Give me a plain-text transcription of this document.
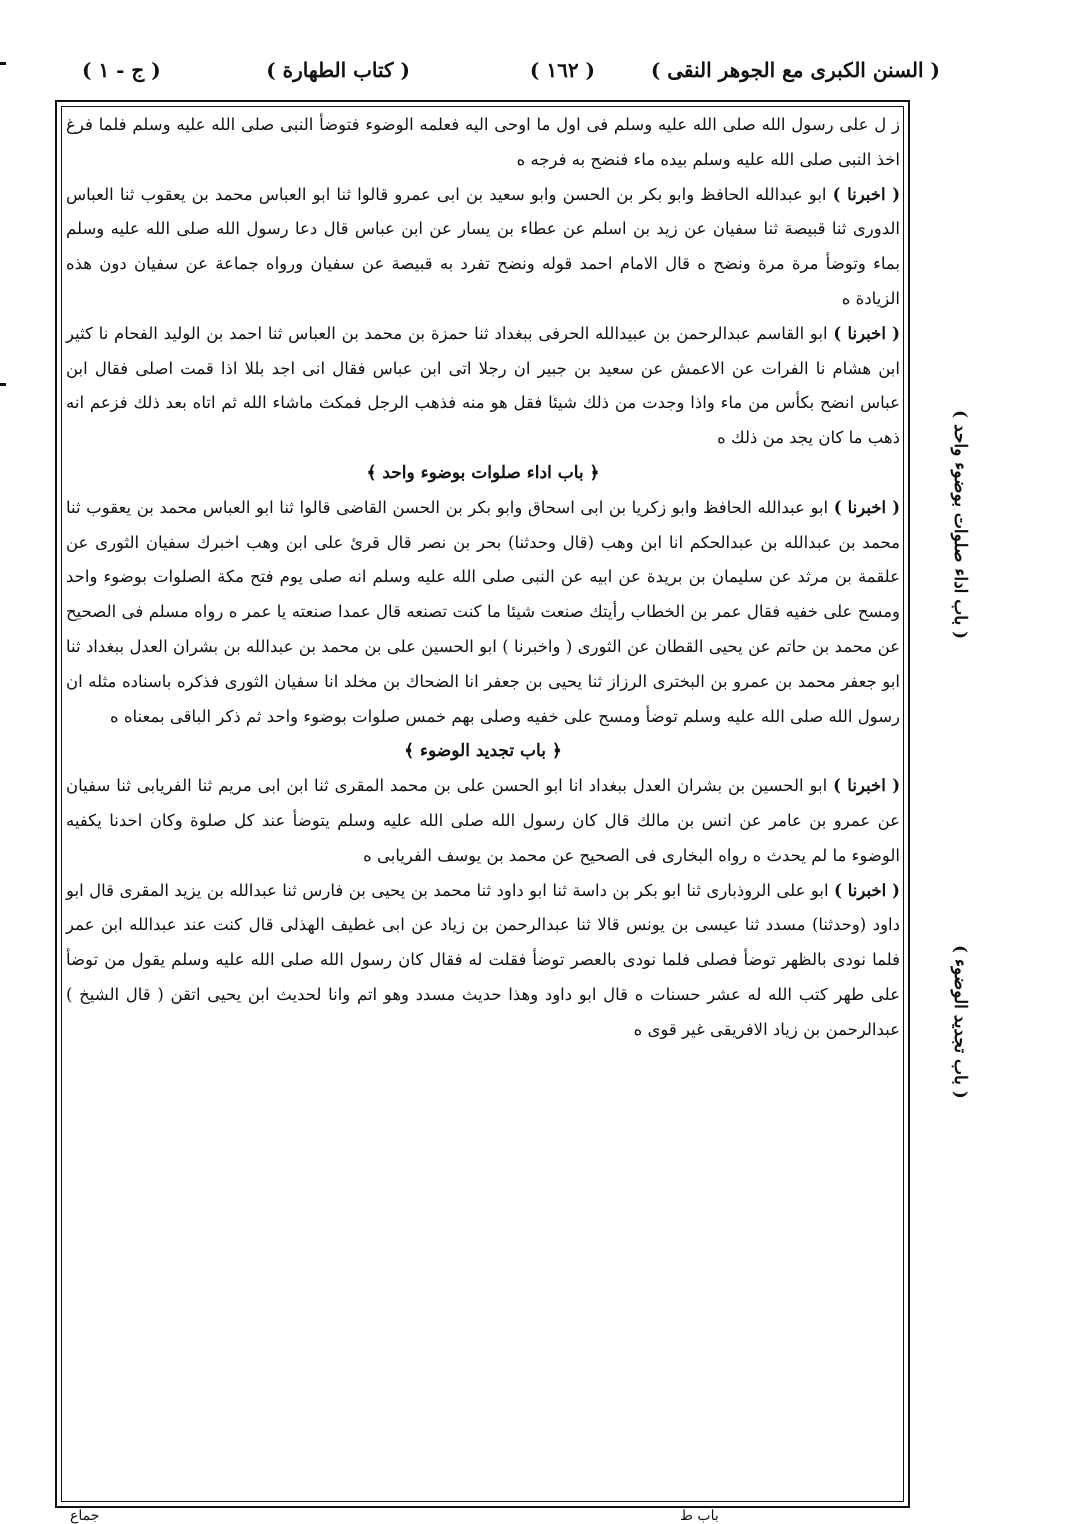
( السنن الكبرى مع الجوهر النقى )
( ١٦٢ )
( كتاب الطهارة )
( ج - ١ )

ز ل على رسول الله صلى الله عليه وسلم فى اول ما اوحى اليه فعلمه الوضوء فتوضأ النبى صلى الله عليه وسلم فلما فرغ اخذ النبى صلى الله عليه وسلم بيده ماء فنضح به فرجه ه

( اخبرنا ) ابو عبدالله الحافظ وابو بكر بن الحسن وابو سعيد بن ابى عمرو قالوا ثنا ابو العباس محمد بن يعقوب ثنا العباس الدورى ثنا قبيصة ثنا سفيان عن زيد بن اسلم عن عطاء بن يسار عن ابن عباس قال دعا رسول الله صلى الله عليه وسلم بماء وتوضأ مرة مرة ونضح ه قال الامام احمد قوله ونضح تفرد به قبيصة عن سفيان ورواه جماعة عن سفيان دون هذه الزيادة ه

( اخبرنا ) ابو القاسم عبدالرحمن بن عبيدالله الحرفى ببغداد ثنا حمزة بن محمد بن العباس ثنا احمد بن الوليد الفحام نا كثير ابن هشام نا الفرات عن الاعمش عن سعيد بن جبير ان رجلا اتى ابن عباس فقال انى اجد بللا اذا قمت اصلى فقال ابن عباس انضح بكأس من ماء واذا وجدت من ذلك شيئا فقل هو منه فذهب الرجل فمكث ماشاء الله ثم اتاه بعد ذلك فزعم انه ذهب ما كان يجد من ذلك ه

﴿ باب اداء صلوات بوضوء واحد ﴾

( اخبرنا ) ابو عبدالله الحافظ وابو زكريا بن ابى اسحاق وابو بكر بن الحسن القاضى قالوا ثنا ابو العباس محمد بن يعقوب ثنا محمد بن عبدالله بن عبدالحكم انا ابن وهب (قال وحدثنا) بحر بن نصر قال قرئ على ابن وهب اخبرك سفيان الثورى عن علقمة بن مرثد عن سليمان بن بريدة عن ابيه عن النبى صلى الله عليه وسلم انه صلى يوم فتح مكة الصلوات بوضوء واحد ومسح على خفيه فقال عمر بن الخطاب رأيتك صنعت شيئا ما كنت تصنعه قال عمدا صنعته يا عمر ه رواه مسلم فى الصحيح عن محمد بن حاتم عن يحيى القطان عن الثورى ( واخبرنا ) ابو الحسين على بن محمد بن عبدالله بن بشران العدل ببغداد ثنا ابو جعفر محمد بن عمرو بن البخترى الرزاز ثنا يحيى بن جعفر انا الضحاك بن مخلد انا سفيان الثورى فذكره باسناده مثله ان رسول الله صلى الله عليه وسلم توضأ ومسح على خفيه وصلى بهم خمس صلوات بوضوء واحد ثم ذكر الباقى بمعناه ه

﴿ باب تجديد الوضوء ﴾

( اخبرنا ) ابو الحسين بن بشران العدل ببغداد انا ابو الحسن على بن محمد المقرى ثنا ابن ابى مريم ثنا الفريابى ثنا سفيان عن عمرو بن عامر عن انس بن مالك قال كان رسول الله صلى الله عليه وسلم يتوضأ عند كل صلوة وكان احدنا يكفيه الوضوء ما لم يحدث ه رواه البخارى فى الصحيح عن محمد بن يوسف الفريابى ه

( اخبرنا ) ابو على الروذبارى ثنا ابو بكر بن داسة ثنا ابو داود ثنا محمد بن يحيى بن فارس ثنا عبدالله بن يزيد المقرى قال ابو داود (وحدثنا) مسدد ثنا عيسى بن يونس قالا ثنا عبدالرحمن بن زياد عن ابى غطيف الهذلى قال كنت عند عبدالله ابن عمر فلما نودى بالظهر توضأ فصلى فلما نودى بالعصر توضأ فقلت له فقال كان رسول الله صلى الله عليه وسلم يقول من توضأ على طهر كتب الله له عشر حسنات ه قال ابو داود وهذا حديث مسدد وهو اتم وانا لحديث ابن يحيى اتقن ( قال الشيخ ) عبدالرحمن بن زياد الافريقى غير قوى ه

( باب اداء صلوات بوضوء واحد )
( باب تجديد الوضوء )
جماع	باب ط
